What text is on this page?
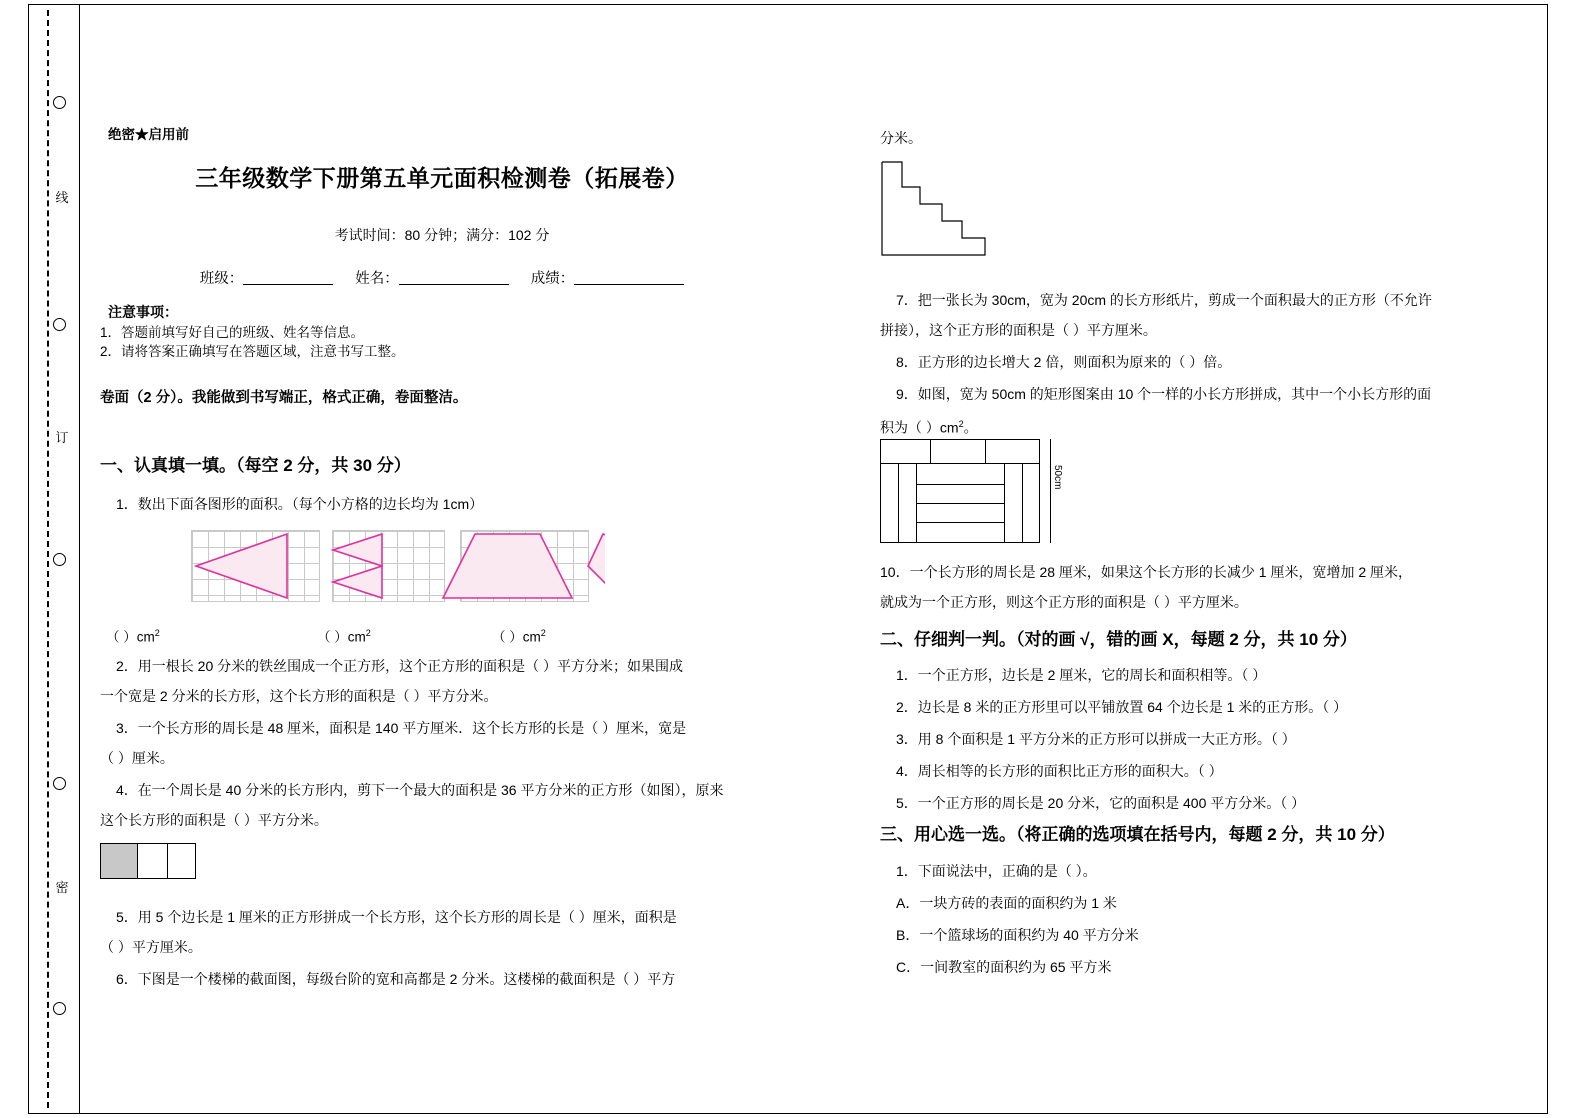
线
订
密
绝密★启用前
三年级数学下册第五单元面积检测卷（拓展卷）
考试时间：80 分钟；满分：102 分
班级：	姓名：	成绩：
注意事项：
1．答题前填写好自己的班级、姓名等信息。
2．请将答案正确填写在答题区域，注意书写工整。
卷面（2 分）。我能做到书写端正，格式正确，卷面整洁。
一、认真填一填。（每空 2 分，共 30 分）
1．数出下面各图形的面积。（每个小方格的边长均为 1cm）
（ ）$cm^2$	（ ）$cm^2$	（ ）$cm^2$
2．用一根长 20 分米的铁丝围成一个正方形，这个正方形的面积是（ ）平方分米；如果围成
一个宽是 2 分米的长方形，这个长方形的面积是（ ）平方分米。
3．一个长方形的周长是 48 厘米，面积是 140 平方厘米．这个长方形的长是（ ）厘米，宽是
（ ）厘米。
4．在一个周长是 40 分米的长方形内，剪下一个最大的面积是 36 平方分米的正方形（如图），原来
这个长方形的面积是（ ）平方分米。
5．用 5 个边长是 1 厘米的正方形拼成一个长方形，这个长方形的周长是（ ）厘米，面积是
（ ）平方厘米。
6．下图是一个楼梯的截面图，每级台阶的宽和高都是 2 分米。这楼梯的截面积是（ ）平方
分米。
7．把一张长为 30cm，宽为 20cm 的长方形纸片，剪成一个面积最大的正方形（不允许
拼接），这个正方形的面积是（ ）平方厘米。
8．正方形的边长增大 2 倍，则面积为原来的（ ）倍。
9．如图，宽为 50cm 的矩形图案由 10 个一样的小长方形拼成，其中一个小长方形的面
积为（ ）$cm^2$。
50cm
10．一个长方形的周长是 28 厘米，如果这个长方形的长减少 1 厘米，宽增加 2 厘米，
就成为一个正方形，则这个正方形的面积是（ ）平方厘米。
二、仔细判一判。（对的画 √，错的画 X，每题 2 分，共 10 分）
1．一个正方形，边长是 2 厘米，它的周长和面积相等。（ ）
2．边长是 8 米的正方形里可以平铺放置 64 个边长是 1 米的正方形。（ ）
3．用 8 个面积是 1 平方分米的正方形可以拼成一大正方形。（ ）
4．周长相等的长方形的面积比正方形的面积大。（ ）
5．一个正方形的周长是 20 分米，它的面积是 400 平方分米。（ ）
三、用心选一选。（将正确的选项填在括号内，每题 2 分，共 10 分）
1．下面说法中，正确的是（ ）。
A．一块方砖的表面的面积约为 1 米
B．一个篮球场的面积约为 40 平方分米
C．一间教室的面积约为 65 平方米
